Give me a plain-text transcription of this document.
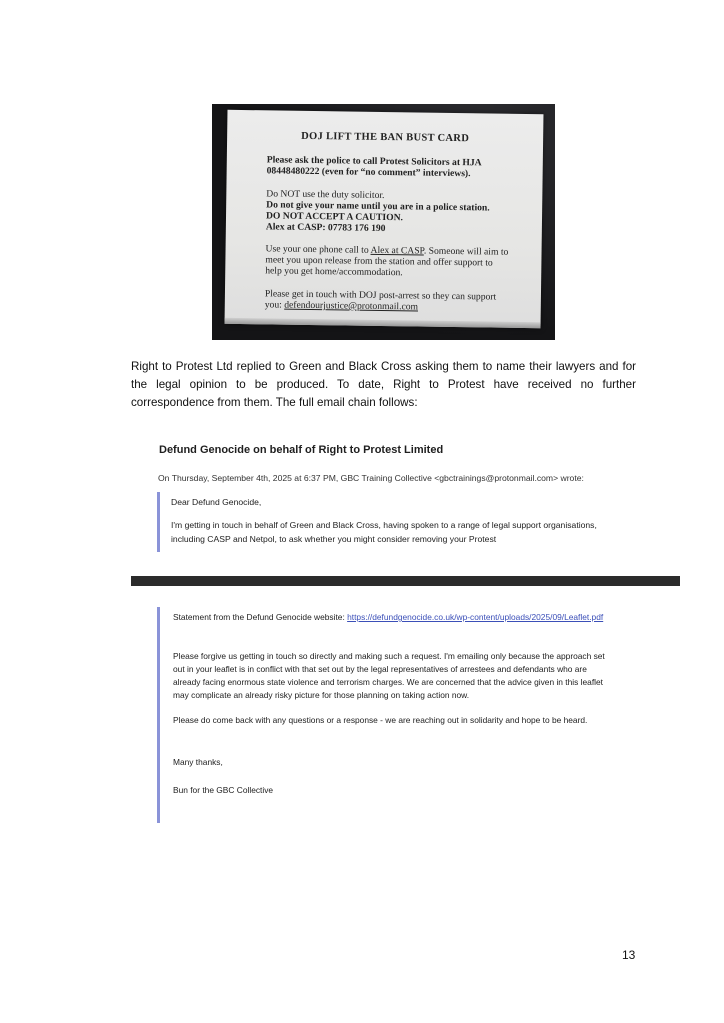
DOJ LIFT THE BAN BUST CARD
Please ask the police to call Protest Solicitors at HJA
08448480222 (even for “no comment” interviews).
Do NOT use the duty solicitor.
Do not give your name until you are in a police station.
DO NOT ACCEPT A CAUTION.
Alex at CASP: 07783 176 190
Use your one phone call to Alex at CASP. Someone will aim to
meet you upon release from the station and offer support to
help you get home/accommodation.
Please get in touch with DOJ post-arrest so they can support
you: defendourjustice@protonmail.com
Right to Protest Ltd replied to Green and Black Cross asking them to name their lawyers and for the legal opinion to be produced. To date, Right to Protest have received no further correspondence from them. The full email chain follows:
Defund Genocide on behalf of Right to Protest Limited
On Thursday, September 4th, 2025 at 6:37 PM, GBC Training Collective <gbctrainings@protonmail.com> wrote:
Dear Defund Genocide,
I'm getting in touch in behalf of Green and Black Cross, having spoken to a range of legal support organisations, including CASP and Netpol, to ask whether you might consider removing your Protest
Statement from the Defund Genocide website: https://defundgenocide.co.uk/wp-content/uploads/2025/09/Leaflet.pdf
Please forgive us getting in touch so directly and making such a request. I'm emailing only because the approach set out in your leaflet is in conflict with that set out by the legal representatives of arrestees and defendants who are already facing enormous state violence and terrorism charges. We are concerned that the advice given in this leaflet may complicate an already risky picture for those planning on taking action now.
Please do come back with any questions or a response - we are reaching out in solidarity and hope to be heard.
Many thanks,
Bun for the GBC Collective
13
